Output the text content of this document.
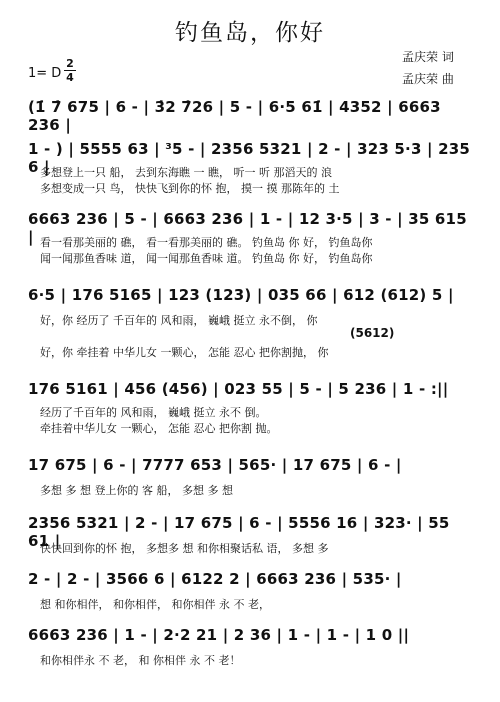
钓鱼岛，你好
孟庆荣 词
孟庆荣 曲
1= D
2
4
(1̇ 7̇ 675 | 6 - | 3̇2 7̇26 | 5 - | 6·5 61̇ | 4352 | 6663 236 |
1 - ) | 5555 63 | ³5 - | 2356 5321 | 2 - | 323 5·3 | 235 6 |
多想登上一只 船， 去到东海瞧 一 瞧， 听一 听 那滔天的 浪
多想变成一只 鸟， 快快飞到你的怀 抱， 摸一 摸 那陈年的 土
6663 236 | 5 - | 6663 236 | 1 - | 12 3·5 | 3 - | 35 615 | 看一看那美丽的 礁， 看一看那美丽的 礁。 钓鱼岛 你 好， 钓鱼岛你
闻一闻那鱼香味 道， 闻一闻那鱼香味 道。 钓鱼岛 你 好， 钓鱼岛你
6·5 | 176 5165 | 123 (123) | 035 66 | 612 (612) 5 |
好，你 经历了 千百年的 风和雨， 巍峨 挺立 永不倒， 你
(5612)
好，你 牵挂着 中华儿女 一颗心， 怎能 忍心 把你割抛， 你
176 5161 | 456 (456) | 023 55 | 5 - | 5 236 | 1 - :||
经历了千百年的 风和雨， 巍峨 挺立 永不 倒。
牵挂着中华儿女 一颗心， 怎能 忍心 把你割 抛。
17 675 | 6 - | 7777 653 | 565· | 17 675 | 6 - |
多想 多 想 登上你的 客 船， 多想 多 想
2356 5321 | 2 - | 17 675 | 6 - | 5556 16 | 323· | 55 61 |
快快回到你的怀 抱， 多想多 想 和你相聚话私 语， 多想 多
2 - | 2 - | 3566 6 | 6122 2 | 6663 236 | 535· |
想 和你相伴， 和你相伴， 和你相伴 永 不 老，
6663 236 | 1 - | 2·2 21 | 2 36 | 1 - | 1 - | 1 0 ||
和你相伴永 不 老， 和 你相伴 永 不 老！
